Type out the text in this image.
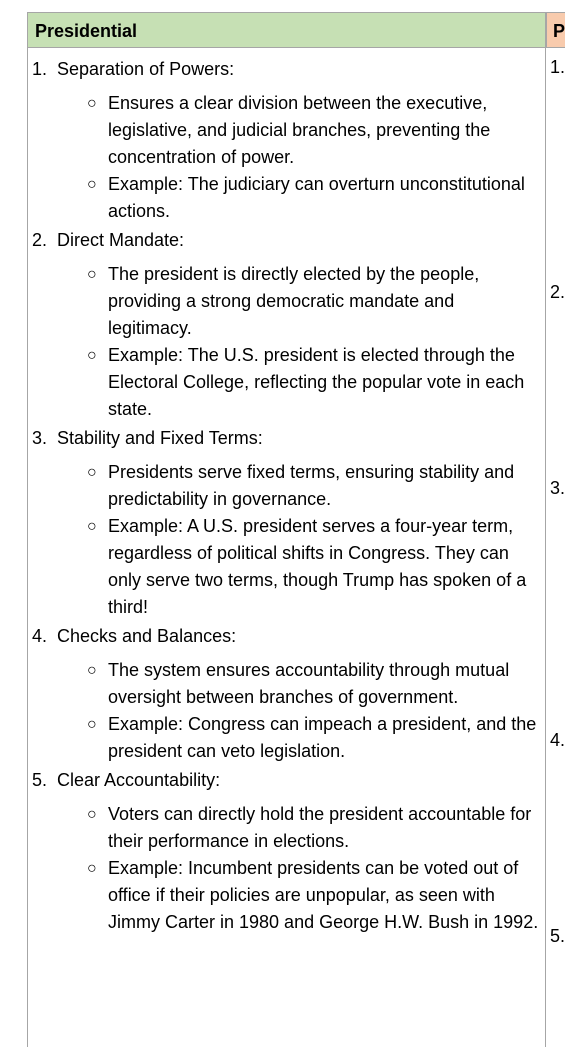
Presidential	P
1. Separation of Powers:
○ Ensures a clear division between the executive, legislative, and judicial branches, preventing the concentration of power.
○ Example: The judiciary can overturn unconstitutional actions.
2. Direct Mandate:
○ The president is directly elected by the people, providing a strong democratic mandate and legitimacy.
○ Example: The U.S. president is elected through the Electoral College, reflecting the popular vote in each state.
3. Stability and Fixed Terms:
○ Presidents serve fixed terms, ensuring stability and predictability in governance.
○ Example: A U.S. president serves a four-year term, regardless of political shifts in Congress. They can only serve two terms, though Trump has spoken of a third!
4. Checks and Balances:
○ The system ensures accountability through mutual oversight between branches of government.
○ Example: Congress can impeach a president, and the president can veto legislation.
5. Clear Accountability:
○ Voters can directly hold the president accountable for their performance in elections.
○ Example: Incumbent presidents can be voted out of office if their policies are unpopular, as seen with Jimmy Carter in 1980 and George H.W. Bush in 1992.
1.
2.
3.
4.
5.
